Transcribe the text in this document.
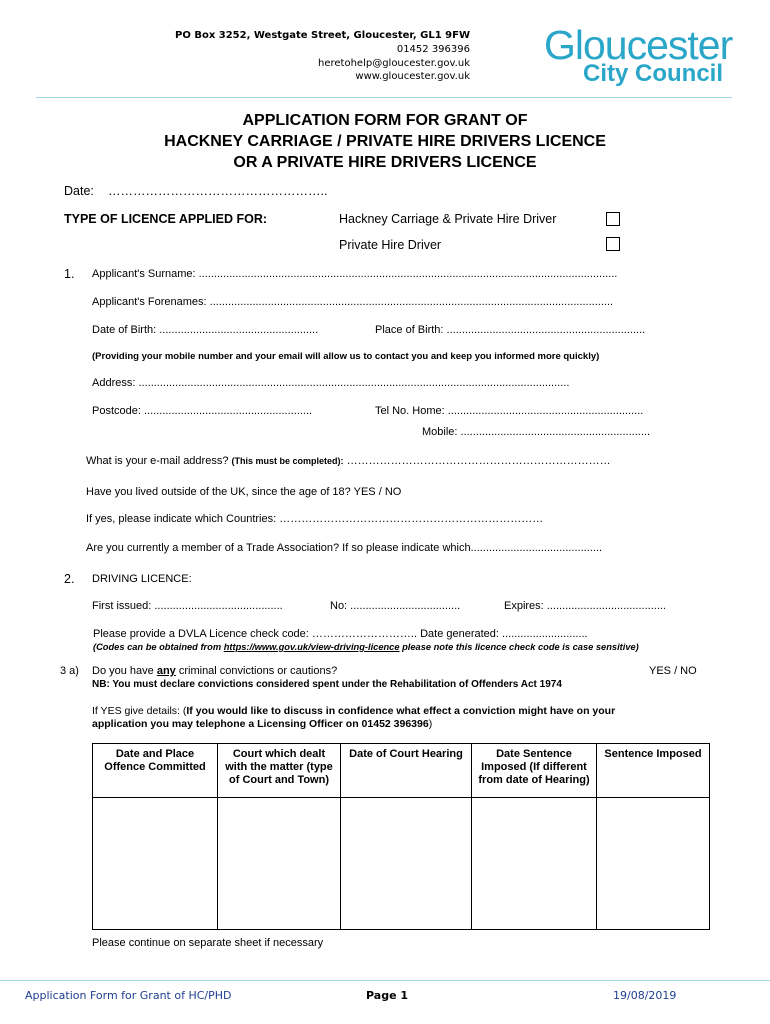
PO Box 3252, Westgate Street, Gloucester, GL1 9FW
01452 396396
heretohelp@gloucester.gov.uk
www.gloucester.gov.uk
Gloucester
City Council
APPLICATION FORM FOR GRANT OF
HACKNEY CARRIAGE / PRIVATE HIRE DRIVERS LICENCE
OR A PRIVATE HIRE DRIVERS LICENCE
Date: ……………………………………………..
TYPE OF LICENCE APPLIED FOR:	Hackney Carriage & Private Hire Driver
Private Hire Driver
1. Applicant's Surname: .........................................................................................................................................
Applicant's Forenames: ....................................................................................................................................
Date of Birth: ....................................................	Place of Birth: .................................................................
(Providing your mobile number and your email will allow us to contact you and keep you informed more quickly)
Address: .............................................................................................................................................
Postcode: .......................................................	Tel No. Home: ................................................................
Mobile: ..............................................................
What is your e-mail address? (This must be completed): ………………………………………………………………
Have you lived outside of the UK, since the age of 18? YES / NO
If yes, please indicate which Countries: ………………………………………………………………
Are you currently a member of a Trade Association? If so please indicate which...........................................
2. DRIVING LICENCE:
First issued: ..........................................	No: ....................................	Expires: .......................................
Please provide a DVLA Licence check code: ……………………….. Date generated: ............................
(Codes can be obtained from https://www.gov.uk/view-driving-licence please note this licence check code is case sensitive)
3 a) Do you have any criminal convictions or cautions?	YES / NO
NB: You must declare convictions considered spent under the Rehabilitation of Offenders Act 1974
If YES give details: (If you would like to discuss in confidence what effect a conviction might have on your
application you may telephone a Licensing Officer on 01452 396396)
Date and Place Offence Committed	Court which dealt with the matter (type of Court and Town)	Date of Court Hearing	Date Sentence Imposed (If different from date of Hearing)	Sentence Imposed

Please continue on separate sheet if necessary
Application Form for Grant of HC/PHD	Page 1	19/08/2019
